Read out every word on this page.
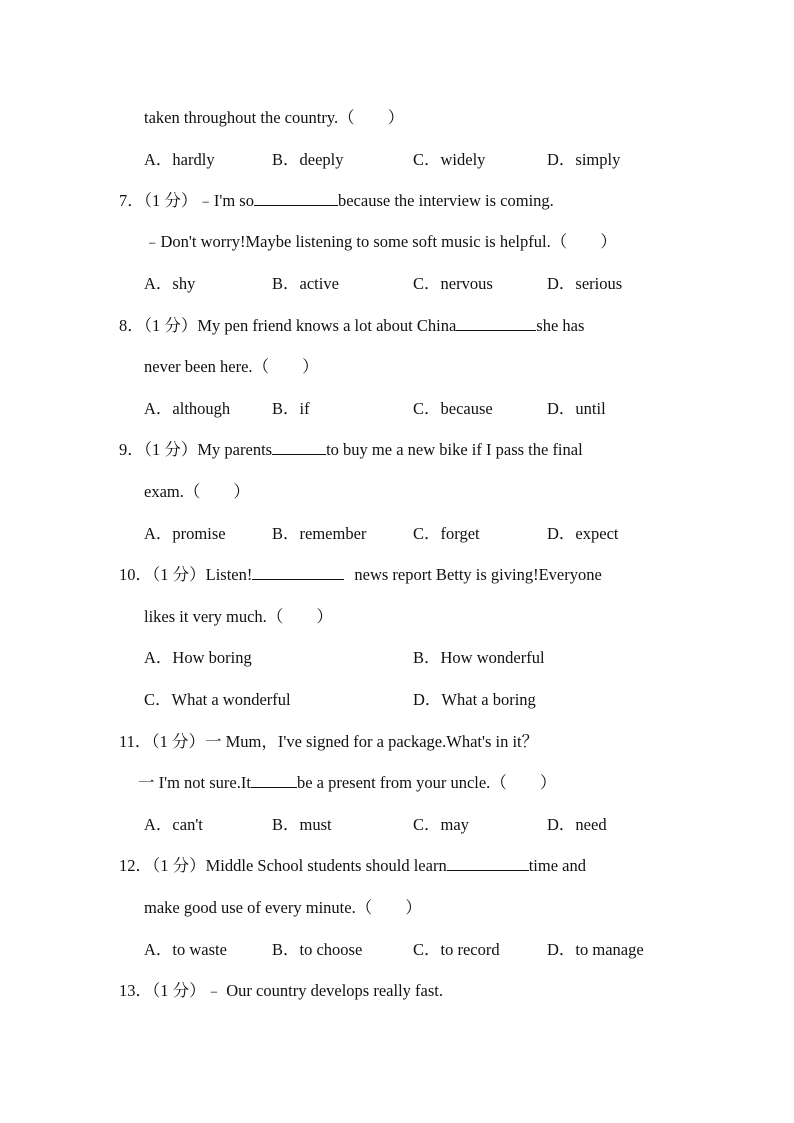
taken throughout the country.（　　）
A．hardly	B．deeply	C．widely	D．simply
7．（1 分）﹣I'm so	because the interview is coming.
﹣Don't worry!Maybe listening to some soft music is helpful.（　　）
A．shy	B．active	C．nervous	D．serious
8．（1 分）My pen friend knows a lot about China	she has
never been here.（　　）
A．although	B．if	C．because	D．until
9．（1 分）My parents	to buy me a new bike if I pass the final
exam.（　　）
A．promise	B．remember	C．forget	D．expect
10．（1 分）Listen!	news report Betty is giving!Everyone
likes it very much.（　　）
A．How boring	B．How wonderful
C．What a wonderful	D．What a boring
11．（1 分）一 Mum，I've signed for a package.What's in it？
一 I'm not sure.It	be a present from your uncle.（　　）
A．can't	B．must	C．may	D．need
12．（1 分）Middle School students should learn	time and
make good use of every minute.（　　）
A．to waste	B．to choose	C．to record	D．to manage
13．（1 分）﹣ Our country develops really fast.
